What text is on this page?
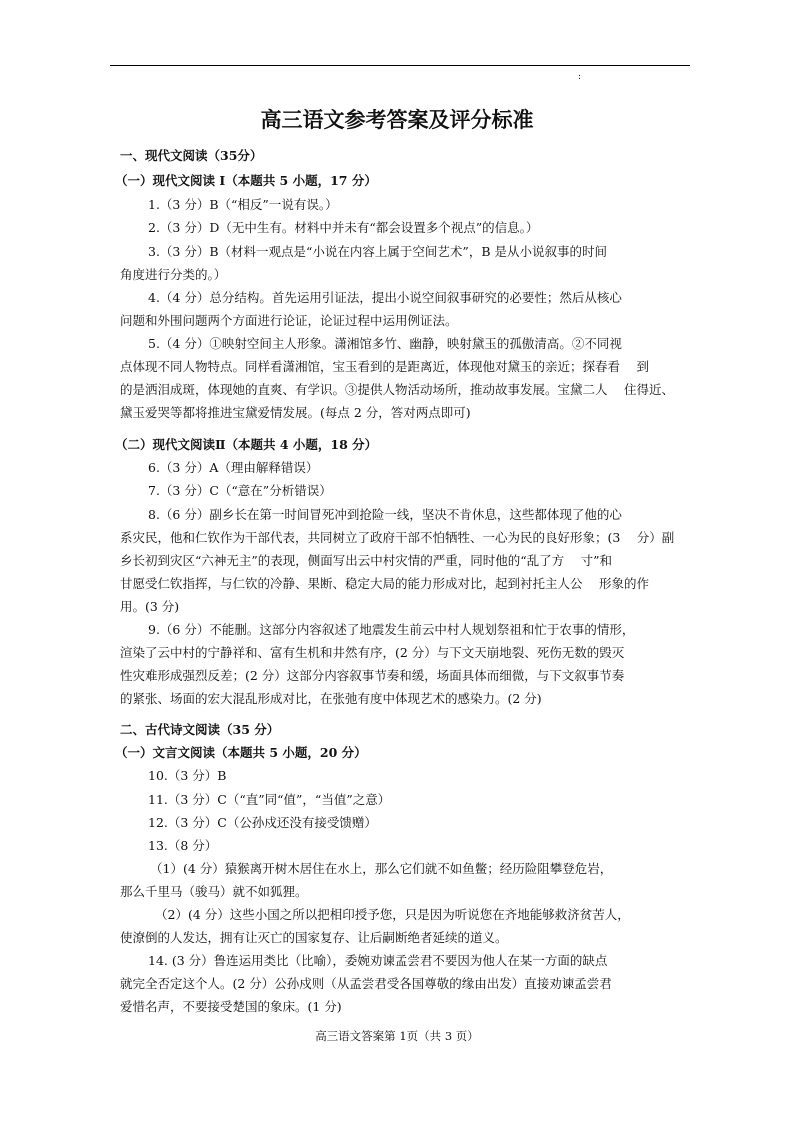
:
高三语文参考答案及评分标准
一、现代文阅读（35分）
（一）现代文阅读 I（本题共 5 小题，17 分）
1.（3 分）B（“相反”一说有误。）
2.（3 分）D（无中生有。材料中并未有“都会设置多个视点”的信息。）
3.（3 分）B（材料一观点是“小说在内容上属于空间艺术”，B 是从小说叙事的时间
角度进行分类的。）
4.（4 分）总分结构。首先运用引证法，提出小说空间叙事研究的必要性；然后从核心
问题和外围问题两个方面进行论证，论证过程中运用例证法。
5.（4 分）①映射空间主人形象。潇湘馆多竹、幽静，映射黛玉的孤傲清高。②不同视
点体现不同人物特点。同样看潇湘馆，宝玉看到的是距离近，体现他对黛玉的亲近；探春看　 到
的是洒泪成斑，体现她的直爽、有学识。③提供人物活动场所，推动故事发展。宝黛二人　 住得近、
黛玉爱哭等都将推进宝黛爱情发展。(每点 2 分，答对两点即可)
（二）现代文阅读Ⅱ（本题共 4 小题，18 分）
6.（3 分）A（理由解释错误）
7.（3 分）C（“意在”分析错误）
8.（6 分）副乡长在第一时间冒死冲到抢险一线，坚决不肯休息，这些都体现了他的心
系灾民，他和仁钦作为干部代表，共同树立了政府干部不怕牺牲、一心为民的良好形象；(3　 分）副
乡长初到灾区“六神无主”的表现，侧面写出云中村灾情的严重，同时他的“乱了方　 寸”和
甘愿受仁钦指挥，与仁钦的冷静、果断、稳定大局的能力形成对比，起到衬托主人公　 形象的作
用。(3 分)
9.（6 分）不能删。这部分内容叙述了地震发生前云中村人规划祭祖和忙于农事的情形，
渲染了云中村的宁静祥和、富有生机和井然有序，(2 分）与下文天崩地裂、死伤无数的毁灭
性灾难形成强烈反差；(2 分）这部分内容叙事节奏和缓，场面具体而细微，与下文叙事节奏
的紧张、场面的宏大混乱形成对比，在张弛有度中体现艺术的感染力。(2 分)
二、古代诗文阅读（35 分）
（一）文言文阅读（本题共 5 小题，20 分）
10.（3 分）B
11.（3 分）C（“直”同“值”，“当值”之意）
12.（3 分）C（公孙戍还没有接受馈赠）
13.（8 分）
（1）(4 分）猿猴离开树木居住在水上，那么它们就不如鱼鳖；经历险阻攀登危岩，
那么千里马（骏马）就不如狐狸。
（2）(4 分）这些小国之所以把相印授予您，只是因为听说您在齐地能够救济贫苦人，
使潦倒的人发达，拥有让灭亡的国家复存、让后嗣断绝者延续的道义。
14. (3 分）鲁连运用类比（比喻），委婉劝谏孟尝君不要因为他人在某一方面的缺点
就完全否定这个人。(2 分）公孙戍则（从孟尝君受各国尊敬的缘由出发）直接劝谏孟尝君
爱惜名声，不要接受楚国的象床。(1 分)
高三语文答案第 1页（共 3 页）
